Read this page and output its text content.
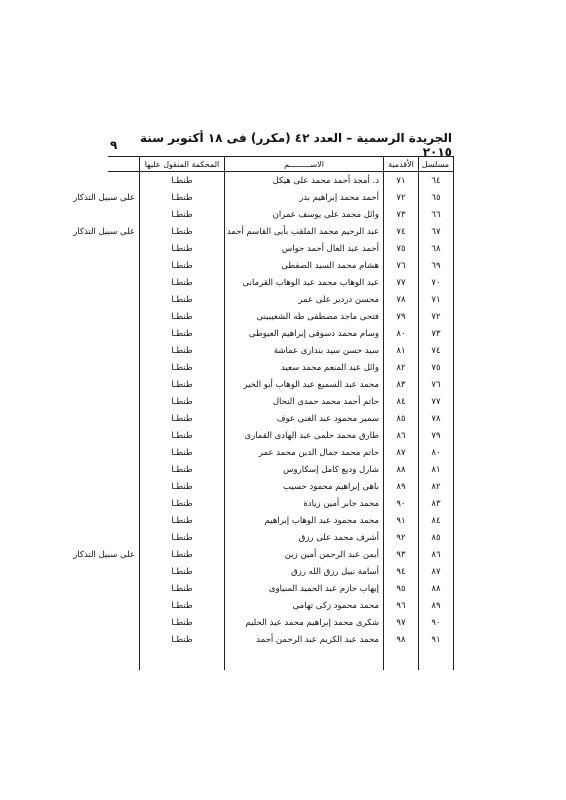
٩	الجريدة الرسمية – العدد ٤٢ (مكرر) فى ١٨ أكتوبر سنة ٢٠١٥
مسلسل	الأقدمية	الاســـــــــم	المحكمة المنقول عليها	
٦٤	٧١	د. أمجد أحمد محمد على هيكل	طنطـا	
٦٥	٧٢	أحمد محمد إبراهيم بدر	طنطـا	على سبيل التذكار
٦٦	٧٣	وائل محمد على يوسف عمران	طنطـا	
٦٧	٧٤	عبد الرحيم محمد الملقب بأبى القاسم أحمد	طنطـا	على سبيل التذكار
٦٨	٧٥	أحمد عبد العال أحمد حواس	طنطـا	
٦٩	٧٦	هشام محمد السيد الصفطى	طنطـا	
٧٠	٧٧	عبد الوهاب محمد عبد الوهاب القرمانى	طنطـا	
٧١	٧٨	محسن دردير على عمر	طنطـا	
٧٢	٧٩	فتحى ماجد مصطفى طه الشعيبينى	طنطـا	
٧٣	٨٠	وسام محمد دسوقى إبراهيم العيوطى	طنطـا	
٧٤	٨١	سيد حسن سيد بندارى عماشة	طنطـا	
٧٥	٨٢	وائل عبد المنعم محمد سعيد	طنطـا	
٧٦	٨٣	محمد عبد السميع عبد الوهاب أبو الخير	طنطـا	
٧٧	٨٤	حاتم أحمد محمد حمدى النحال	طنطـا	
٧٨	٨٥	سمير محمود عبد الغنى عوف	طنطـا	
٧٩	٨٦	طارق محمد حلمى عبد الهادى القمارى	طنطـا	
٨٠	٨٧	حاتم محمد جمال الدين محمد عمر	طنطـا	
٨١	٨٨	شارل وديع كامل إسكاروس	طنطـا	
٨٢	٨٩	باهى إبراهيم محمود حسيب	طنطـا	
٨٣	٩٠	محمد جابر أمين زيادة	طنطـا	
٨٤	٩١	محمد محمود عبد الوهاب إبراهيم	طنطـا	
٨٥	٩٢	أشرف محمد على رزق	طنطـا	
٨٦	٩٣	أيمن عبد الرحمن أمين زين	طنطـا	على سبيل التذكار
٨٧	٩٤	أسامة نبيل رزق الله رزق	طنطـا	
٨٨	٩٥	إيهاب حازم عبد الحميد المنياوى	طنطـا	
٨٩	٩٦	محمد محمود زكى تهامى	طنطـا	
٩٠	٩٧	شكرى محمد إبراهيم محمد عبد الحليم	طنطـا	
٩١	٩٨	محمد عبد الكريم عبد الرحمن أحمد	طنطـا	
